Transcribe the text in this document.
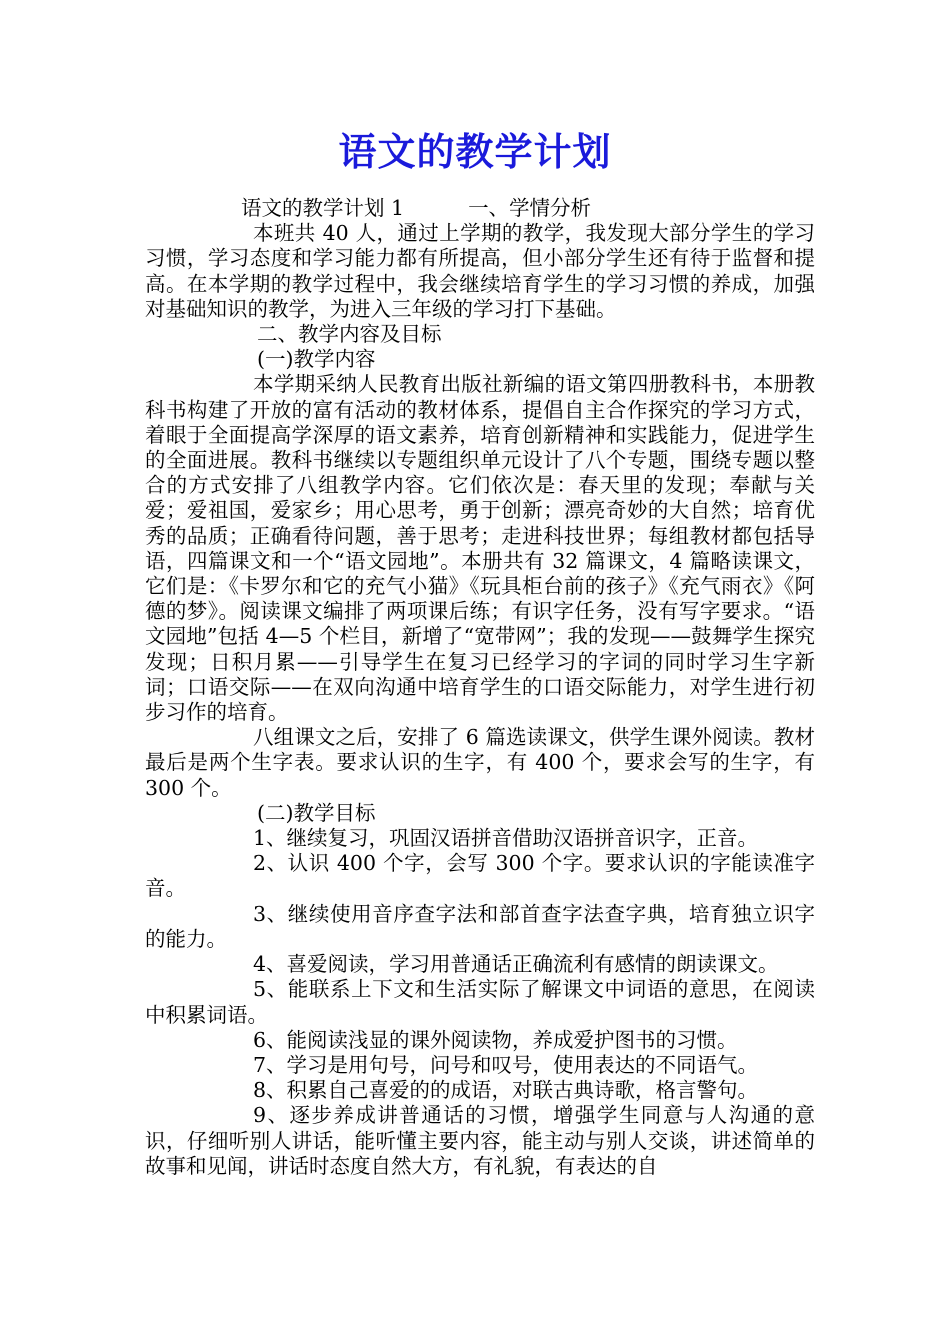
语文的教学计划

语文的教学计划 1	一、学情分析

本班共 40 人，通过上学期的教学，我发现大部分学生的学习习惯，学习态度和学习能力都有所提高，但小部分学生还有待于监督和提高。在本学期的教学过程中，我会继续培育学生的学习习惯的养成，加强对基础知识的教学，为进入三年级的学习打下基础。

二、教学内容及目标

(一)教学内容

本学期采纳人民教育出版社新编的语文第四册教科书，本册教科书构建了开放的富有活动的教材体系，提倡自主合作探究的学习方式，着眼于全面提高学深厚的语文素养，培育创新精神和实践能力，促进学生的全面进展。教科书继续以专题组织单元设计了八个专题，围绕专题以整合的方式安排了八组教学内容。它们依次是：春天里的发现；奉献与关爱；爱祖国，爱家乡；用心思考，勇于创新；漂亮奇妙的大自然；培育优秀的品质；正确看待问题，善于思考；走进科技世界；每组教材都包括导语，四篇课文和一个“语文园地”。本册共有 32 篇课文，4 篇略读课文，它们是：《卡罗尔和它的充气小猫》《玩具柜台前的孩子》《充气雨衣》《阿德的梦》。阅读课文编排了两项课后练；有识字任务，没有写字要求。“语文园地”包括 4—5 个栏目，新增了“宽带网”；我的发现——鼓舞学生探究发现；日积月累——引导学生在复习已经学习的字词的同时学习生字新词；口语交际——在双向沟通中培育学生的口语交际能力，对学生进行初步习作的培育。

八组课文之后，安排了 6 篇选读课文，供学生课外阅读。教材最后是两个生字表。要求认识的生字，有 400 个，要求会写的生字，有 300 个。

(二)教学目标

1、继续复习，巩固汉语拼音借助汉语拼音识字，正音。

2、认识 400 个字，会写 300 个字。要求认识的字能读准字音。

3、继续使用音序查字法和部首查字法查字典，培育独立识字的能力。

4、喜爱阅读，学习用普通话正确流利有感情的朗读课文。

5、能联系上下文和生活实际了解课文中词语的意思，在阅读中积累词语。

6、能阅读浅显的课外阅读物，养成爱护图书的习惯。

7、学习是用句号，问号和叹号，使用表达的不同语气。

8、积累自己喜爱的的成语，对联古典诗歌，格言警句。

9、逐步养成讲普通话的习惯，增强学生同意与人沟通的意识，仔细听别人讲话，能听懂主要内容，能主动与别人交谈，讲述简单的故事和见闻，讲话时态度自然大方，有礼貌，有表达的自
